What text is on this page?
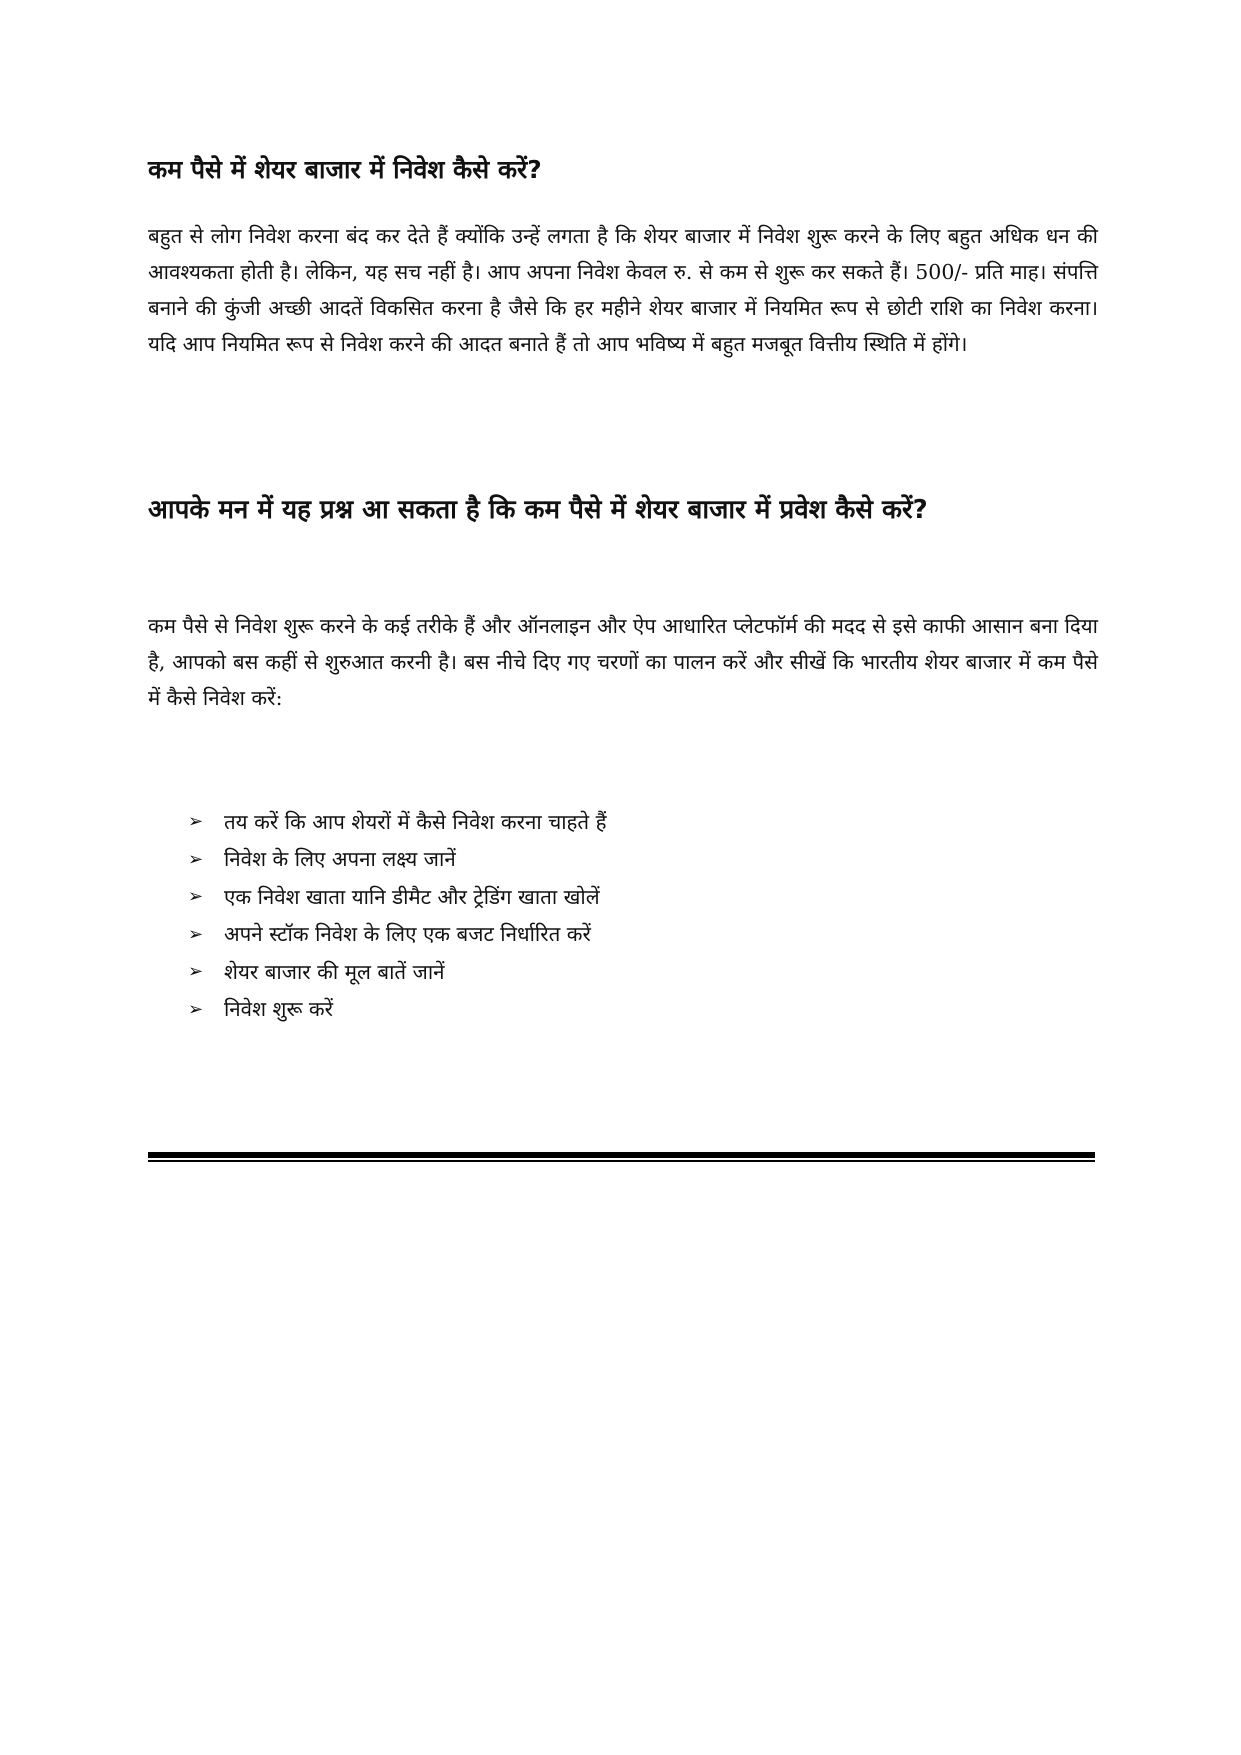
कम पैसे में शेयर बाजार में निवेश कैसे करें?

बहुत से लोग निवेश करना बंद कर देते हैं क्योंकि उन्हें लगता है कि शेयर बाजार में निवेश शुरू करने के लिए बहुत अधिक धन की आवश्यकता होती है। लेकिन, यह सच नहीं है। आप अपना निवेश केवल रु. से कम से शुरू कर सकते हैं। 500/- प्रति माह। संपत्ति बनाने की कुंजी अच्छी आदतें विकसित करना है जैसे कि हर महीने शेयर बाजार में नियमित रूप से छोटी राशि का निवेश करना। यदि आप नियमित रूप से निवेश करने की आदत बनाते हैं तो आप भविष्य में बहुत मजबूत वित्तीय स्थिति में होंगे।

आपके मन में यह प्रश्न आ सकता है कि कम पैसे में शेयर बाजार में प्रवेश कैसे करें?

कम पैसे से निवेश शुरू करने के कई तरीके हैं और ऑनलाइन और ऐप आधारित प्लेटफॉर्म की मदद से इसे काफी आसान बना दिया है, आपको बस कहीं से शुरुआत करनी है। बस नीचे दिए गए चरणों का पालन करें और सीखें कि भारतीय शेयर बाजार में कम पैसे में कैसे निवेश करें:

➢	तय करें कि आप शेयरों में कैसे निवेश करना चाहते हैं
➢	निवेश के लिए अपना लक्ष्य जानें
➢	एक निवेश खाता यानि डीमैट और ट्रेडिंग खाता खोलें
➢	अपने स्टॉक निवेश के लिए एक बजट निर्धारित करें
➢	शेयर बाजार की मूल बातें जानें
➢	निवेश शुरू करें
